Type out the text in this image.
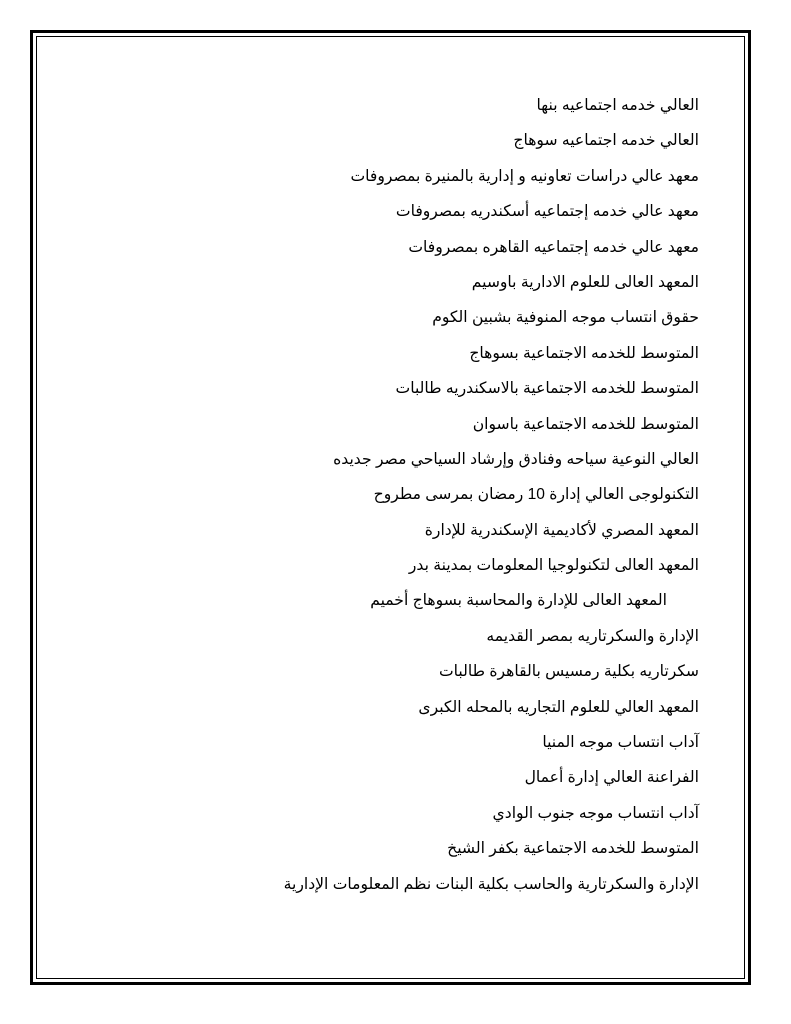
العالي خدمه اجتماعيه بنها
العالي خدمه اجتماعيه سوهاج
معهد عالي دراسات تعاونيه و إدارية بالمنيرة بمصروفات
معهد عالي خدمه إجتماعيه أسكندريه بمصروفات
معهد عالي خدمه إجتماعيه القاهره بمصروفات
المعهد العالى للعلوم الادارية باوسيم
حقوق انتساب موجه المنوفية بشبين الكوم
المتوسط للخدمه الاجتماعية بسوهاج
المتوسط للخدمه الاجتماعية بالاسكندريه طالبات
المتوسط للخدمه الاجتماعية باسوان
العالي النوعية سياحه وفنادق وإرشاد السياحي مصر جديده
التكنولوجى العالي إدارة 10 رمضان بمرسى مطروح
المعهد المصري لأكاديمية الإسكندرية للإدارة
المعهد العالى لتكنولوجيا المعلومات بمدينة بدر
المعهد العالى للإدارة والمحاسبة بسوهاج أخميم
الإدارة والسكرتاريه بمصر القديمه
سكرتاريه بكلية رمسيس بالقاهرة طالبات
المعهد العالي للعلوم التجاريه بالمحله الكبرى
آداب انتساب موجه المنيا
الفراعنة العالي إدارة أعمال
آداب انتساب موجه جنوب الوادي
المتوسط للخدمه الاجتماعية بكفر الشيخ
الإدارة والسكرتارية والحاسب بكلية البنات نظم المعلومات الإدارية
